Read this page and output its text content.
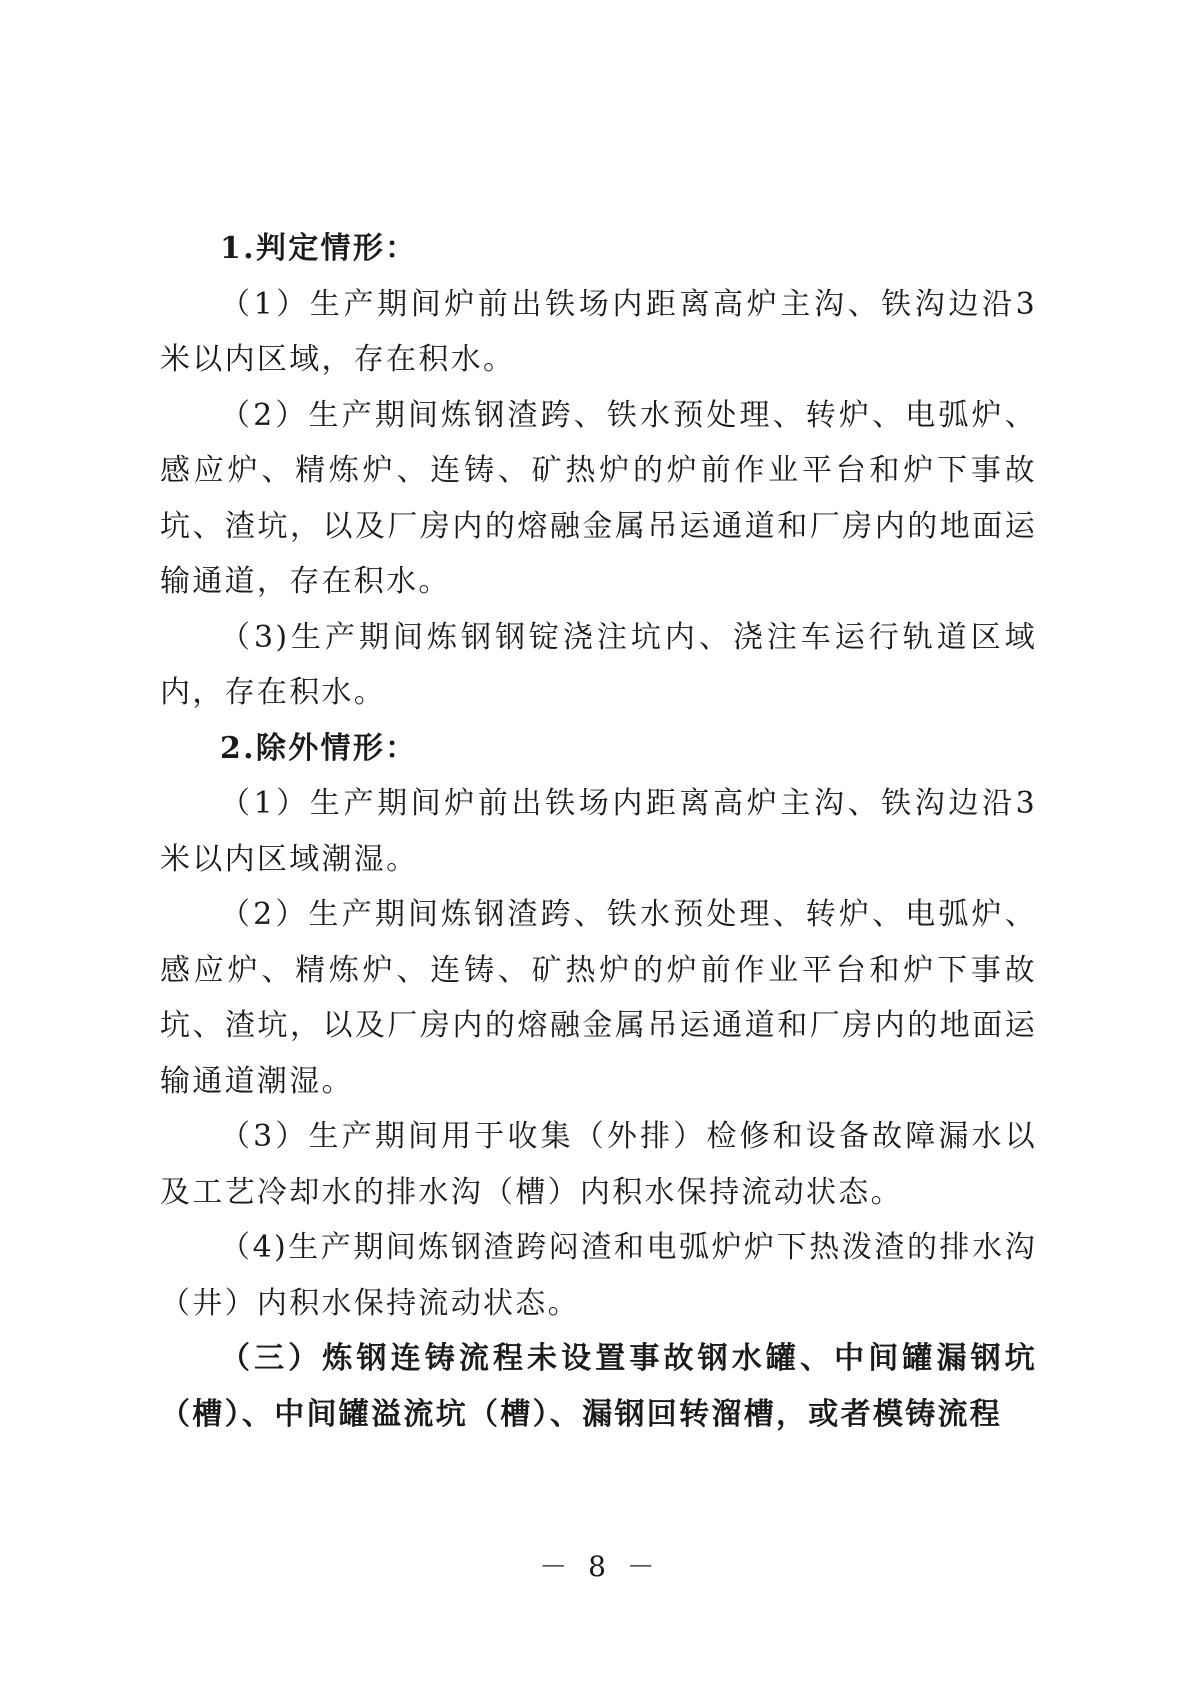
1.判定情形：

（1）生产期间炉前出铁场内距离高炉主沟、铁沟边沿3米以内区域，存在积水。

（2）生产期间炼钢渣跨、铁水预处理、转炉、电弧炉、感应炉、精炼炉、连铸、矿热炉的炉前作业平台和炉下事故坑、渣坑，以及厂房内的熔融金属吊运通道和厂房内的地面运输通道，存在积水。

（3)生产期间炼钢钢锭浇注坑内、浇注车运行轨道区域内，存在积水。

2.除外情形：

（1）生产期间炉前出铁场内距离高炉主沟、铁沟边沿3米以内区域潮湿。

（2）生产期间炼钢渣跨、铁水预处理、转炉、电弧炉、感应炉、精炼炉、连铸、矿热炉的炉前作业平台和炉下事故坑、渣坑，以及厂房内的熔融金属吊运通道和厂房内的地面运输通道潮湿。

（3）生产期间用于收集（外排）检修和设备故障漏水以及工艺冷却水的排水沟（槽）内积水保持流动状态。

（4)生产期间炼钢渣跨闷渣和电弧炉炉下热泼渣的排水沟（井）内积水保持流动状态。

（三）炼钢连铸流程未设置事故钢水罐、中间罐漏钢坑（槽）、中间罐溢流坑（槽）、漏钢回转溜槽，或者模铸流程

－ 8 －
